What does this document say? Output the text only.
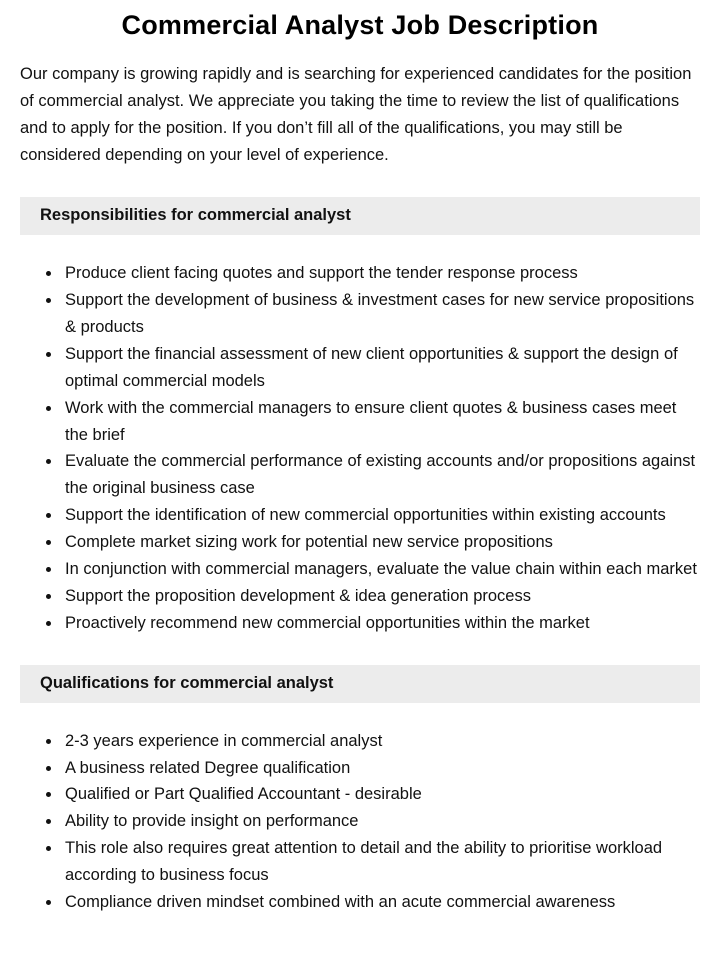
Commercial Analyst Job Description

Our company is growing rapidly and is searching for experienced candidates for the position of commercial analyst. We appreciate you taking the time to review the list of qualifications and to apply for the position. If you don’t fill all of the qualifications, you may still be considered depending on your level of experience.

Responsibilities for commercial analyst
• Produce client facing quotes and support the tender response process
• Support the development of business & investment cases for new service propositions & products
• Support the financial assessment of new client opportunities & support the design of optimal commercial models
• Work with the commercial managers to ensure client quotes & business cases meet the brief
• Evaluate the commercial performance of existing accounts and/or propositions against the original business case
• Support the identification of new commercial opportunities within existing accounts
• Complete market sizing work for potential new service propositions
• In conjunction with commercial managers, evaluate the value chain within each market
• Support the proposition development & idea generation process
• Proactively recommend new commercial opportunities within the market
Qualifications for commercial analyst
• 2-3 years experience in commercial analyst
• A business related Degree qualification
• Qualified or Part Qualified Accountant - desirable
• Ability to provide insight on performance
• This role also requires great attention to detail and the ability to prioritise workload according to business focus
• Compliance driven mindset combined with an acute commercial awareness
